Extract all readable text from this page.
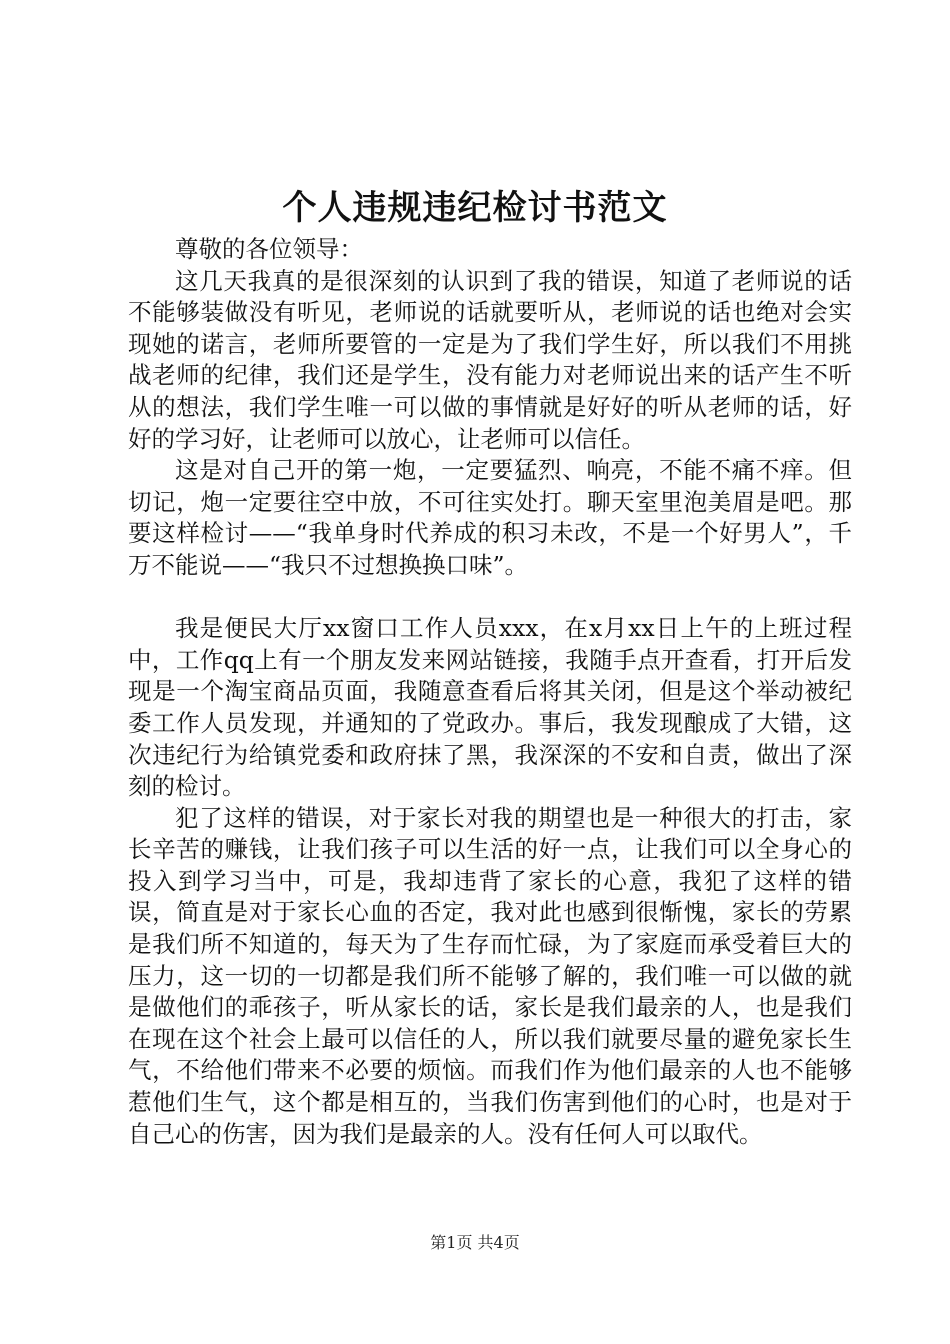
个人违规违纪检讨书范文

尊敬的各位领导：

这几天我真的是很深刻的认识到了我的错误，知道了老师说的话不能够装做没有听见，老师说的话就要听从，老师说的话也绝对会实现她的诺言，老师所要管的一定是为了我们学生好，所以我们不用挑战老师的纪律，我们还是学生，没有能力对老师说出来的话产生不听从的想法，我们学生唯一可以做的事情就是好好的听从老师的话，好好的学习好，让老师可以放心，让老师可以信任。

这是对自己开的第一炮，一定要猛烈、响亮，不能不痛不痒。但切记，炮一定要往空中放，不可往实处打。聊天室里泡美眉是吧。那要这样检讨——“我单身时代养成的积习未改，不是一个好男人”，千万不能说——“我只不过想换换口味”。

我是便民大厅xx窗口工作人员xxx，在x月xx日上午的上班过程中，工作qq上有一个朋友发来网站链接，我随手点开查看，打开后发现是一个淘宝商品页面，我随意查看后将其关闭，但是这个举动被纪委工作人员发现，并通知的了党政办。事后，我发现酿成了大错，这次违纪行为给镇党委和政府抹了黑，我深深的不安和自责，做出了深刻的检讨。

犯了这样的错误，对于家长对我的期望也是一种很大的打击，家长辛苦的赚钱，让我们孩子可以生活的好一点，让我们可以全身心的投入到学习当中，可是，我却违背了家长的心意，我犯了这样的错误，简直是对于家长心血的否定，我对此也感到很惭愧，家长的劳累是我们所不知道的，每天为了生存而忙碌，为了家庭而承受着巨大的压力，这一切的一切都是我们所不能够了解的，我们唯一可以做的就是做他们的乖孩子，听从家长的话，家长是我们最亲的人，也是我们在现在这个社会上最可以信任的人，所以我们就要尽量的避免家长生气，不给他们带来不必要的烦恼。而我们作为他们最亲的人也不能够惹他们生气，这个都是相互的，当我们伤害到他们的心时，也是对于自己心的伤害，因为我们是最亲的人。没有任何人可以取代。

第1页 共4页
